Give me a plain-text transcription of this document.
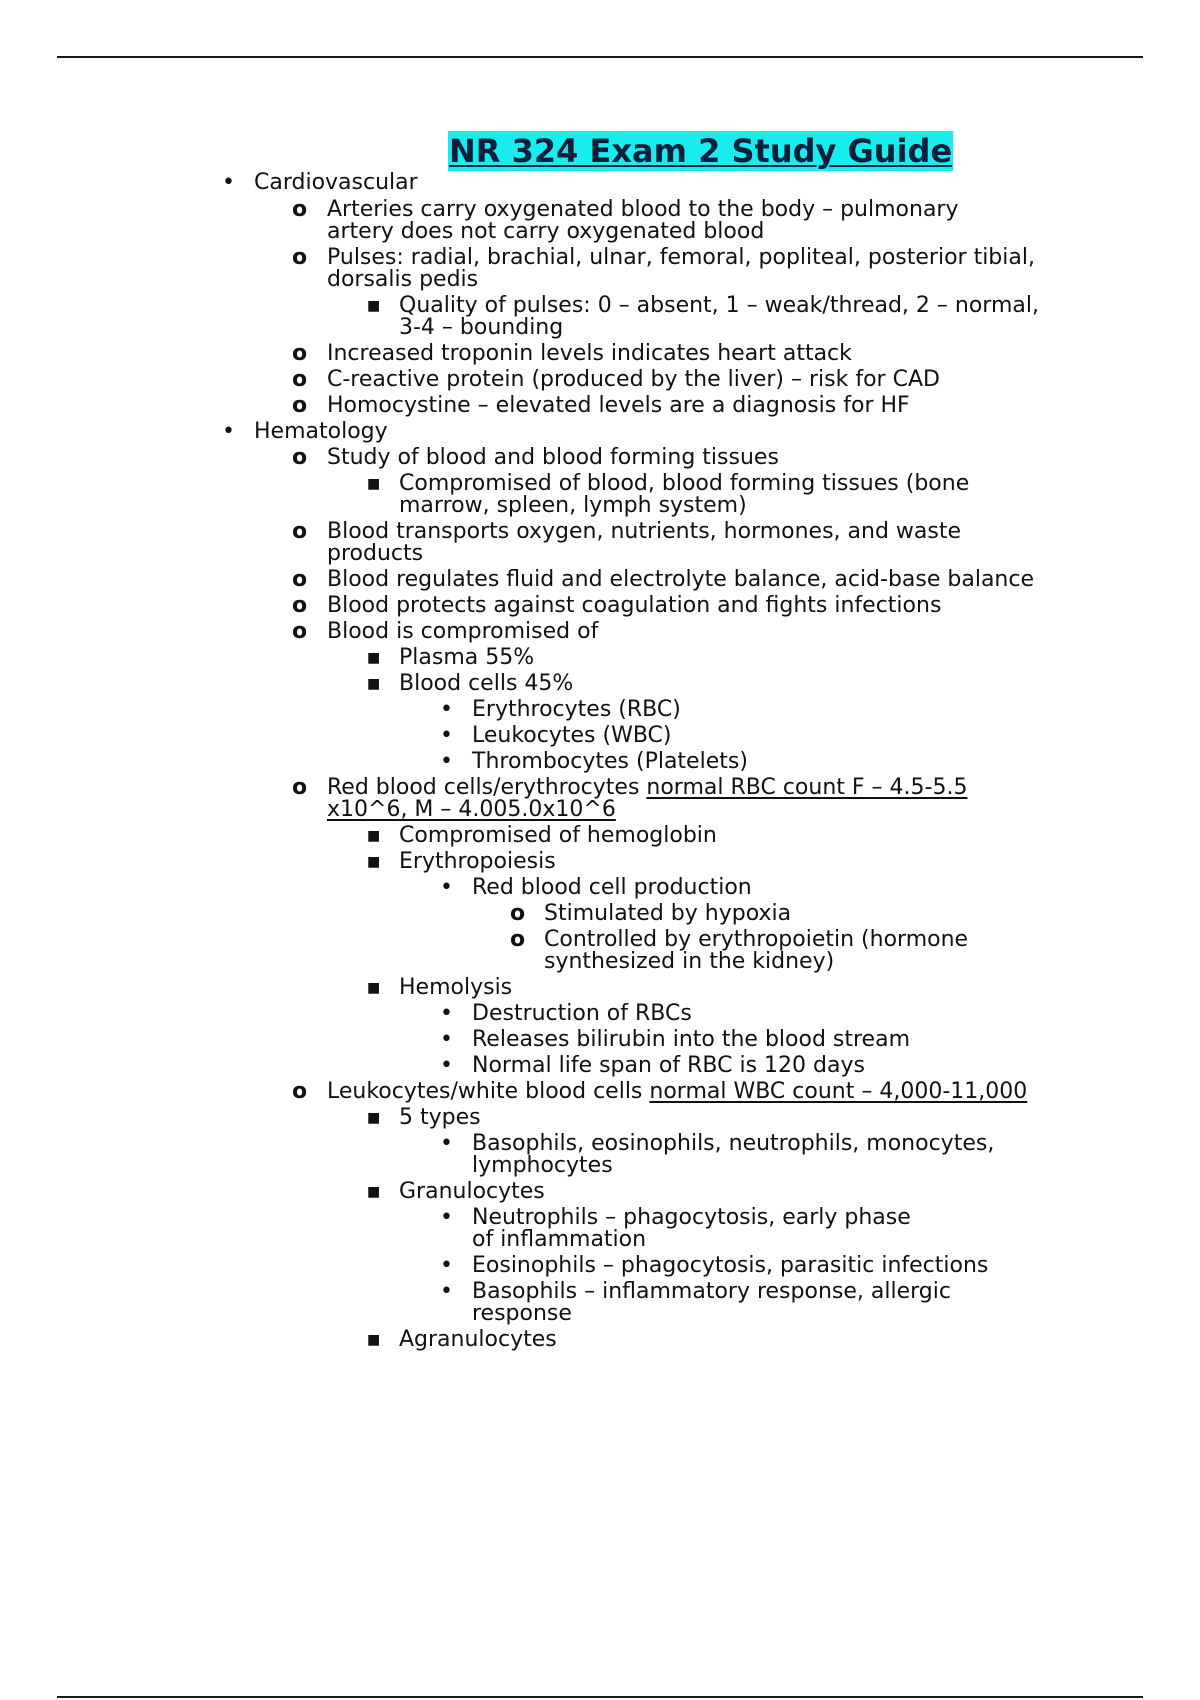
NR 324 Exam 2 Study Guide
• Cardiovascular
o Arteries carry oxygenated blood to the body – pulmonary
artery does not carry oxygenated blood
o Pulses: radial, brachial, ulnar, femoral, popliteal, posterior tibial,
dorsalis pedis
■ Quality of pulses: 0 – absent, 1 – weak/thread, 2 – normal,
3-4 – bounding
o Increased troponin levels indicates heart attack
o C-reactive protein (produced by the liver) – risk for CAD
o Homocystine – elevated levels are a diagnosis for HF
• Hematology
o Study of blood and blood forming tissues
■ Compromised of blood, blood forming tissues (bone
marrow, spleen, lymph system)
o Blood transports oxygen, nutrients, hormones, and waste
products
o Blood regulates fluid and electrolyte balance, acid-base balance
o Blood protects against coagulation and fights infections
o Blood is compromised of
■ Plasma 55%
■ Blood cells 45%
• Erythrocytes (RBC)
• Leukocytes (WBC)
• Thrombocytes (Platelets)
o Red blood cells/erythrocytes normal RBC count F – 4.5-5.5
x10^6, M – 4.005.0x10^6
■ Compromised of hemoglobin
■ Erythropoiesis
• Red blood cell production
o Stimulated by hypoxia
o Controlled by erythropoietin (hormone
synthesized in the kidney)
■ Hemolysis
• Destruction of RBCs
• Releases bilirubin into the blood stream
• Normal life span of RBC is 120 days
o Leukocytes/white blood cells normal WBC count – 4,000-11,000
■ 5 types
• Basophils, eosinophils, neutrophils, monocytes,
lymphocytes
■ Granulocytes
• Neutrophils – phagocytosis, early phase
of inflammation
• Eosinophils – phagocytosis, parasitic infections
• Basophils – inflammatory response, allergic
response
■ Agranulocytes
